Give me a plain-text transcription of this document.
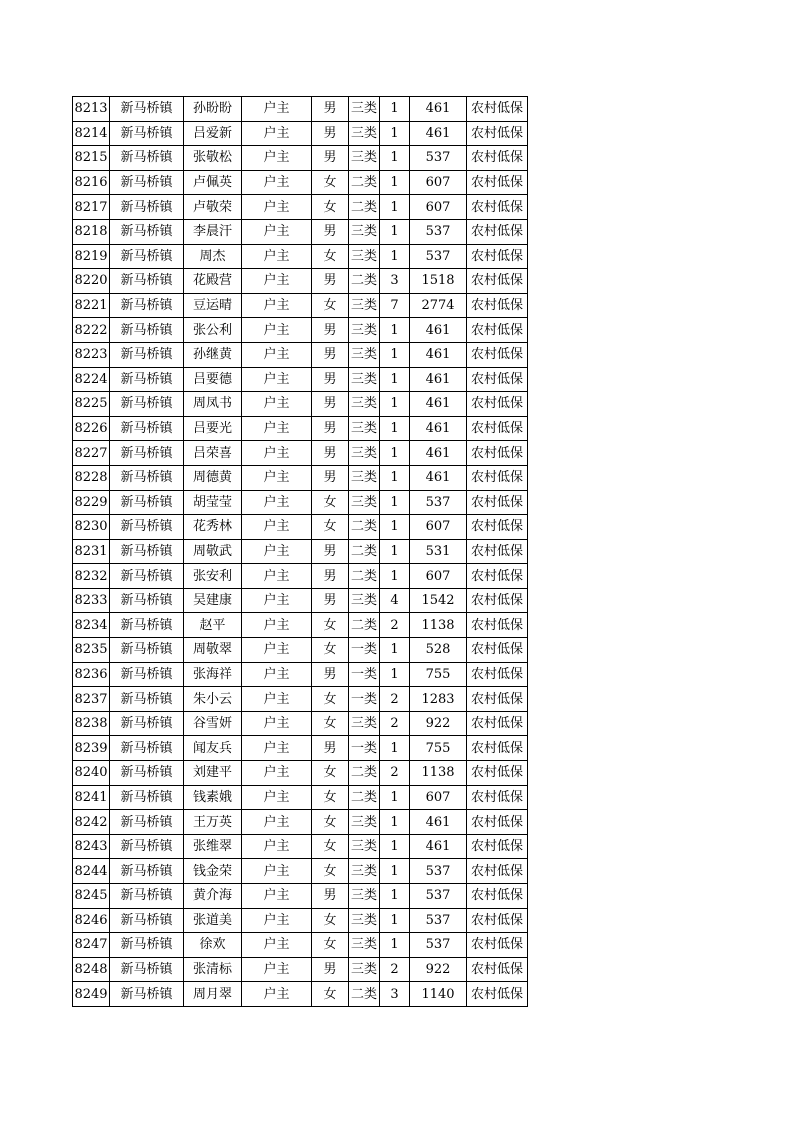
8213	新马桥镇	孙盼盼	户主	男	三类	1	461	农村低保
8214	新马桥镇	吕爱新	户主	男	三类	1	461	农村低保
8215	新马桥镇	张敬松	户主	男	三类	1	537	农村低保
8216	新马桥镇	卢佩英	户主	女	二类	1	607	农村低保
8217	新马桥镇	卢敬荣	户主	女	二类	1	607	农村低保
8218	新马桥镇	李晨汗	户主	男	三类	1	537	农村低保
8219	新马桥镇	周杰	户主	女	三类	1	537	农村低保
8220	新马桥镇	花殿营	户主	男	二类	3	1518	农村低保
8221	新马桥镇	豆运晴	户主	女	三类	7	2774	农村低保
8222	新马桥镇	张公利	户主	男	三类	1	461	农村低保
8223	新马桥镇	孙继黄	户主	男	三类	1	461	农村低保
8224	新马桥镇	吕要德	户主	男	三类	1	461	农村低保
8225	新马桥镇	周凤书	户主	男	三类	1	461	农村低保
8226	新马桥镇	吕要光	户主	男	三类	1	461	农村低保
8227	新马桥镇	吕荣喜	户主	男	三类	1	461	农村低保
8228	新马桥镇	周德黄	户主	男	三类	1	461	农村低保
8229	新马桥镇	胡莹莹	户主	女	三类	1	537	农村低保
8230	新马桥镇	花秀林	户主	女	二类	1	607	农村低保
8231	新马桥镇	周敬武	户主	男	二类	1	531	农村低保
8232	新马桥镇	张安利	户主	男	二类	1	607	农村低保
8233	新马桥镇	吴建康	户主	男	三类	4	1542	农村低保
8234	新马桥镇	赵平	户主	女	二类	2	1138	农村低保
8235	新马桥镇	周敬翠	户主	女	一类	1	528	农村低保
8236	新马桥镇	张海祥	户主	男	一类	1	755	农村低保
8237	新马桥镇	朱小云	户主	女	一类	2	1283	农村低保
8238	新马桥镇	谷雪妍	户主	女	三类	2	922	农村低保
8239	新马桥镇	闻友兵	户主	男	一类	1	755	农村低保
8240	新马桥镇	刘建平	户主	女	二类	2	1138	农村低保
8241	新马桥镇	钱素娥	户主	女	二类	1	607	农村低保
8242	新马桥镇	王万英	户主	女	三类	1	461	农村低保
8243	新马桥镇	张维翠	户主	女	三类	1	461	农村低保
8244	新马桥镇	钱金荣	户主	女	三类	1	537	农村低保
8245	新马桥镇	黄介海	户主	男	三类	1	537	农村低保
8246	新马桥镇	张道美	户主	女	三类	1	537	农村低保
8247	新马桥镇	徐欢	户主	女	三类	1	537	农村低保
8248	新马桥镇	张清标	户主	男	三类	2	922	农村低保
8249	新马桥镇	周月翠	户主	女	二类	3	1140	农村低保
